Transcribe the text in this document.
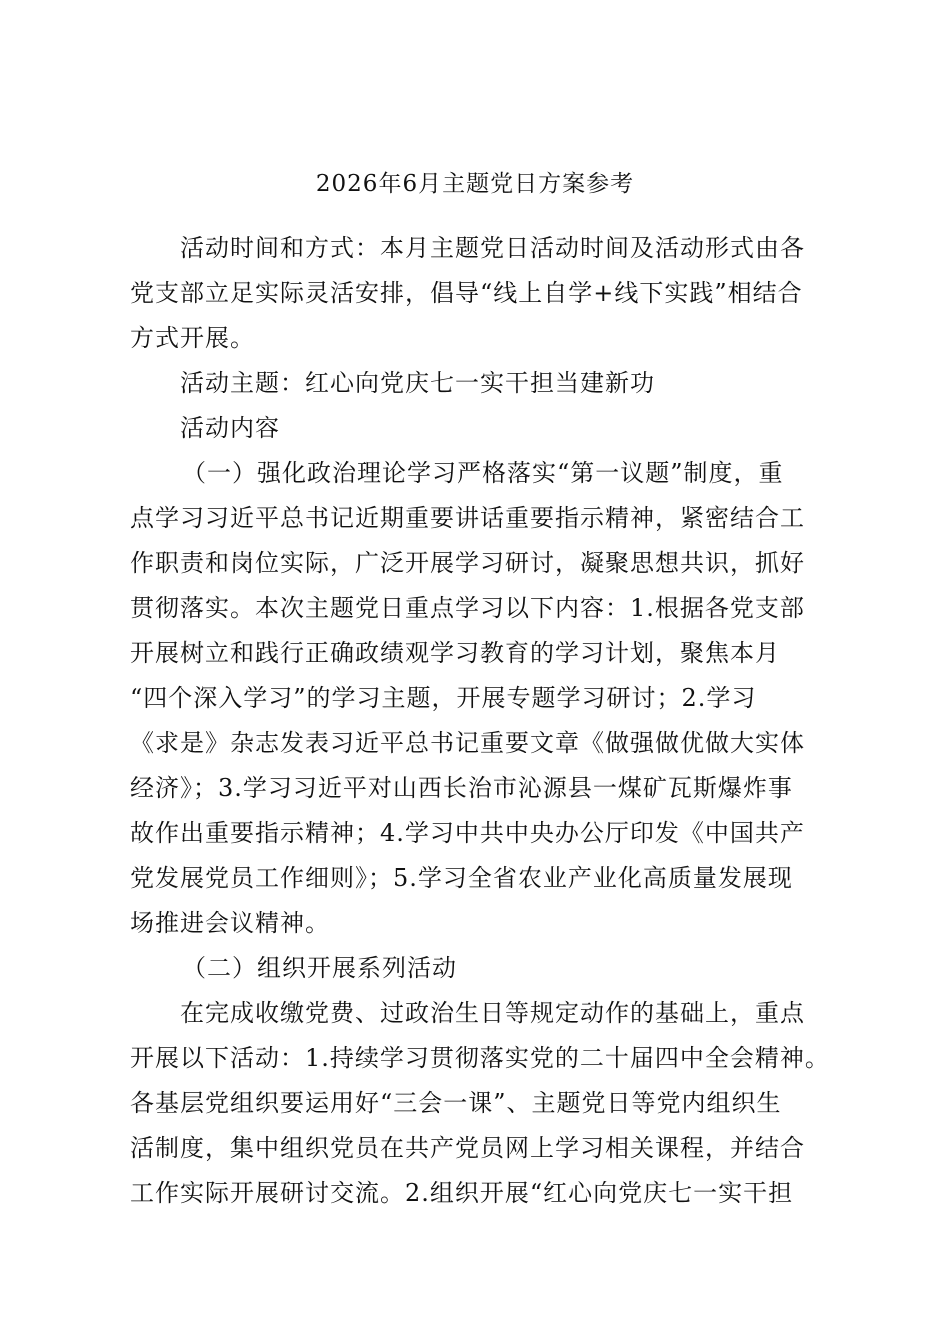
2026年6月主题党日方案参考
活动时间和方式：本月主题党日活动时间及活动形式由各
党支部立足实际灵活安排，倡导“线上自学+线下实践”相结合
方式开展。
活动主题：红心向党庆七一实干担当建新功
活动内容
（一）强化政治理论学习严格落实“第一议题”制度，重
点学习习近平总书记近期重要讲话重要指示精神，紧密结合工
作职责和岗位实际，广泛开展学习研讨，凝聚思想共识，抓好
贯彻落实。本次主题党日重点学习以下内容：1.根据各党支部
开展树立和践行正确政绩观学习教育的学习计划，聚焦本月
“四个深入学习”的学习主题，开展专题学习研讨；2.学习
《求是》杂志发表习近平总书记重要文章《做强做优做大实体
经济》；3.学习习近平对山西长治市沁源县一煤矿瓦斯爆炸事
故作出重要指示精神；4.学习中共中央办公厅印发《中国共产
党发展党员工作细则》；5.学习全省农业产业化高质量发展现
场推进会议精神。
（二）组织开展系列活动
在完成收缴党费、过政治生日等规定动作的基础上，重点
开展以下活动：1.持续学习贯彻落实党的二十届四中全会精神。
各基层党组织要运用好“三会一课”、主题党日等党内组织生
活制度，集中组织党员在共产党员网上学习相关课程，并结合
工作实际开展研讨交流。2.组织开展“红心向党庆七一实干担
